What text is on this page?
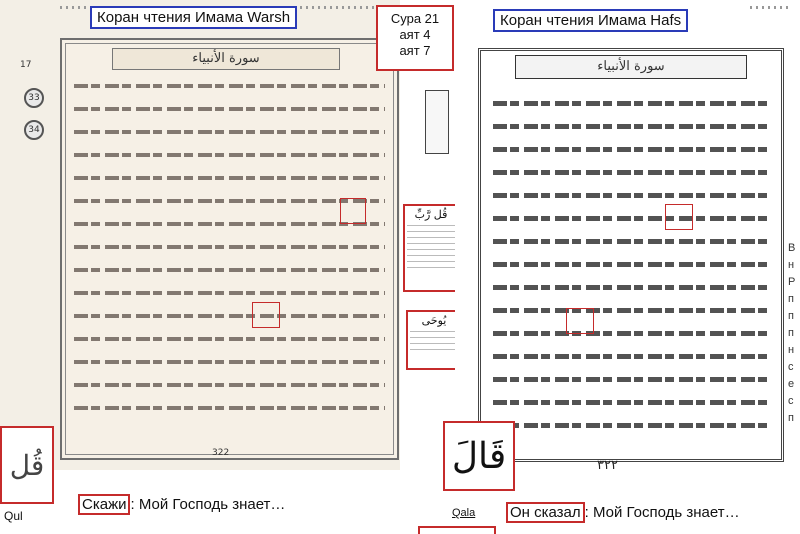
سورة الأنبياء
17
33
34
322
Коран чтения Имама Warsh	Сура 21
аят 4
аят 7
قُل رَّبِّ
يُوحَى
Коран чтения Имама Hafs
سورة الأنبياء
B
н
Р
п
п
п
н
с
е
с
п
٣٢٢
قُل	قَالَ
Qul
Скажи : Мой Господь знает…	Qala Он сказал : Мой Господь знает…
